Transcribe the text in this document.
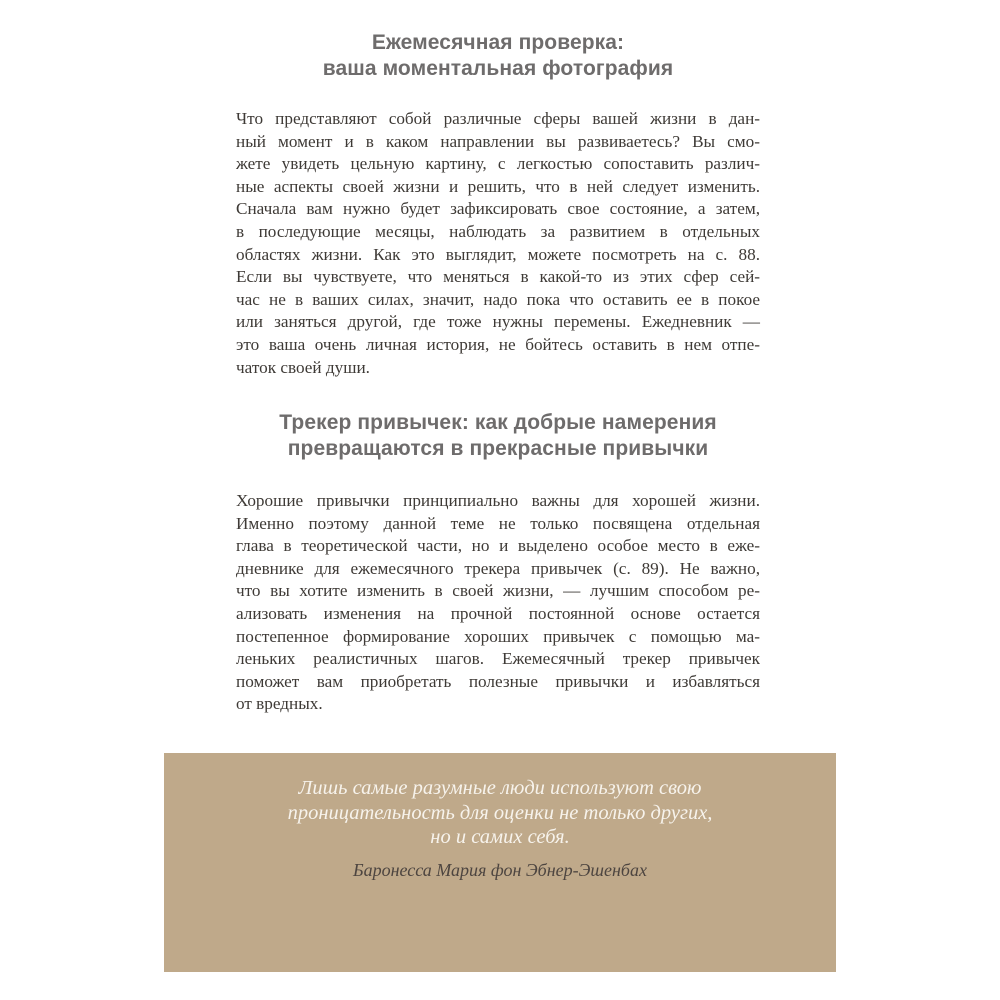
Ежемесячная проверка:
ваша моментальная фотография

Что представляют собой различные сферы вашей жизни в дан-
ный момент и в каком направлении вы развиваетесь? Вы смо-
жете увидеть цельную картину, с легкостью сопоставить различ-
ные аспекты своей жизни и решить, что в ней следует изменить.
Сначала вам нужно будет зафиксировать свое состояние, а затем,
в последующие месяцы, наблюдать за развитием в отдельных
областях жизни. Как это выглядит, можете посмотреть на с. 88.
Если вы чувствуете, что меняться в какой-то из этих сфер сей-
час не в ваших силах, значит, надо пока что оставить ее в покое
или заняться другой, где тоже нужны перемены. Ежедневник —
это ваша очень личная история, не бойтесь оставить в нем отпе-
чаток своей души.

Трекер привычек: как добрые намерения
превращаются в прекрасные привычки

Хорошие привычки принципиально важны для хорошей жизни.
Именно поэтому данной теме не только посвящена отдельная
глава в теоретической части, но и выделено особое место в еже-
дневнике для ежемесячного трекера привычек (с. 89). Не важно,
что вы хотите изменить в своей жизни, — лучшим способом ре-
ализовать изменения на прочной постоянной основе остается
постепенное формирование хороших привычек с помощью ма-
леньких реалистичных шагов. Ежемесячный трекер привычек
поможет вам приобретать полезные привычки и избавляться
от вредных.

Лишь самые разумные люди используют свою
проницательность для оценки не только других,
но и самих себя.

Баронесса Мария фон Эбнер-Эшенбах
